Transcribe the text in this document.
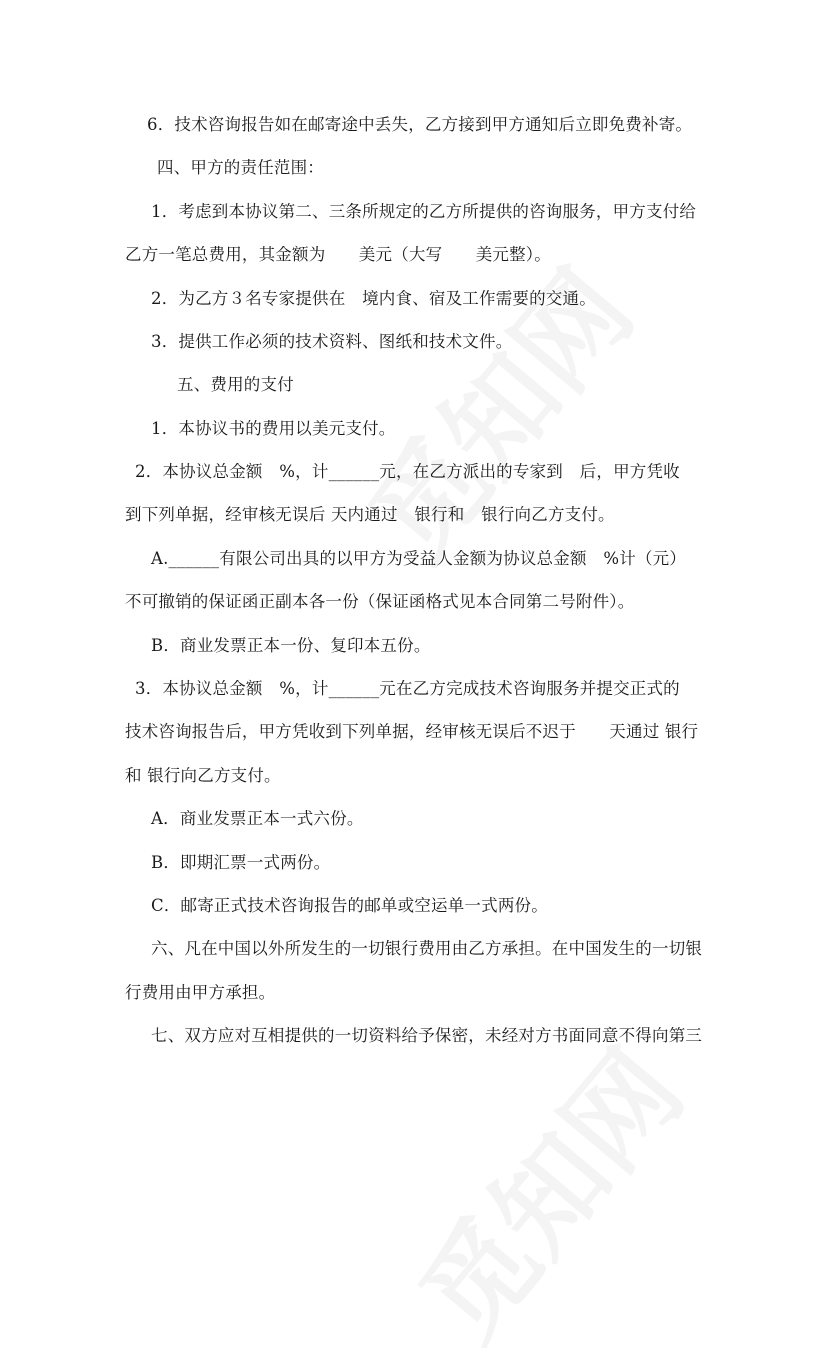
6．技术咨询报告如在邮寄途中丢失，乙方接到甲方通知后立即免费补寄。
四、甲方的责任范围：
1．考虑到本协议第二、三条所规定的乙方所提供的咨询服务，甲方支付给
乙方一笔总费用，其金额为　　美元（大写　　美元整）。
2．为乙方３名专家提供在　境内食、宿及工作需要的交通。
3．提供工作必须的技术资料、图纸和技术文件。
五、费用的支付
1．本协议书的费用以美元支付。
2．本协议总金额　%，计______元，在乙方派出的专家到　后，甲方凭收
到下列单据，经审核无误后 天内通过　银行和　银行向乙方支付。
A.______有限公司出具的以甲方为受益人金额为协议总金额　%计（元）
不可撤销的保证函正副本各一份（保证函格式见本合同第二号附件）。
B．商业发票正本一份、复印本五份。
3．本协议总金额　%，计______元在乙方完成技术咨询服务并提交正式的
技术咨询报告后，甲方凭收到下列单据，经审核无误后不迟于　　天通过 银行
和 银行向乙方支付。
A．商业发票正本一式六份。
B．即期汇票一式两份。
C．邮寄正式技术咨询报告的邮单或空运单一式两份。
六、凡在中国以外所发生的一切银行费用由乙方承担。在中国发生的一切银
行费用由甲方承担。
七、双方应对互相提供的一切资料给予保密，未经对方书面同意不得向第三
